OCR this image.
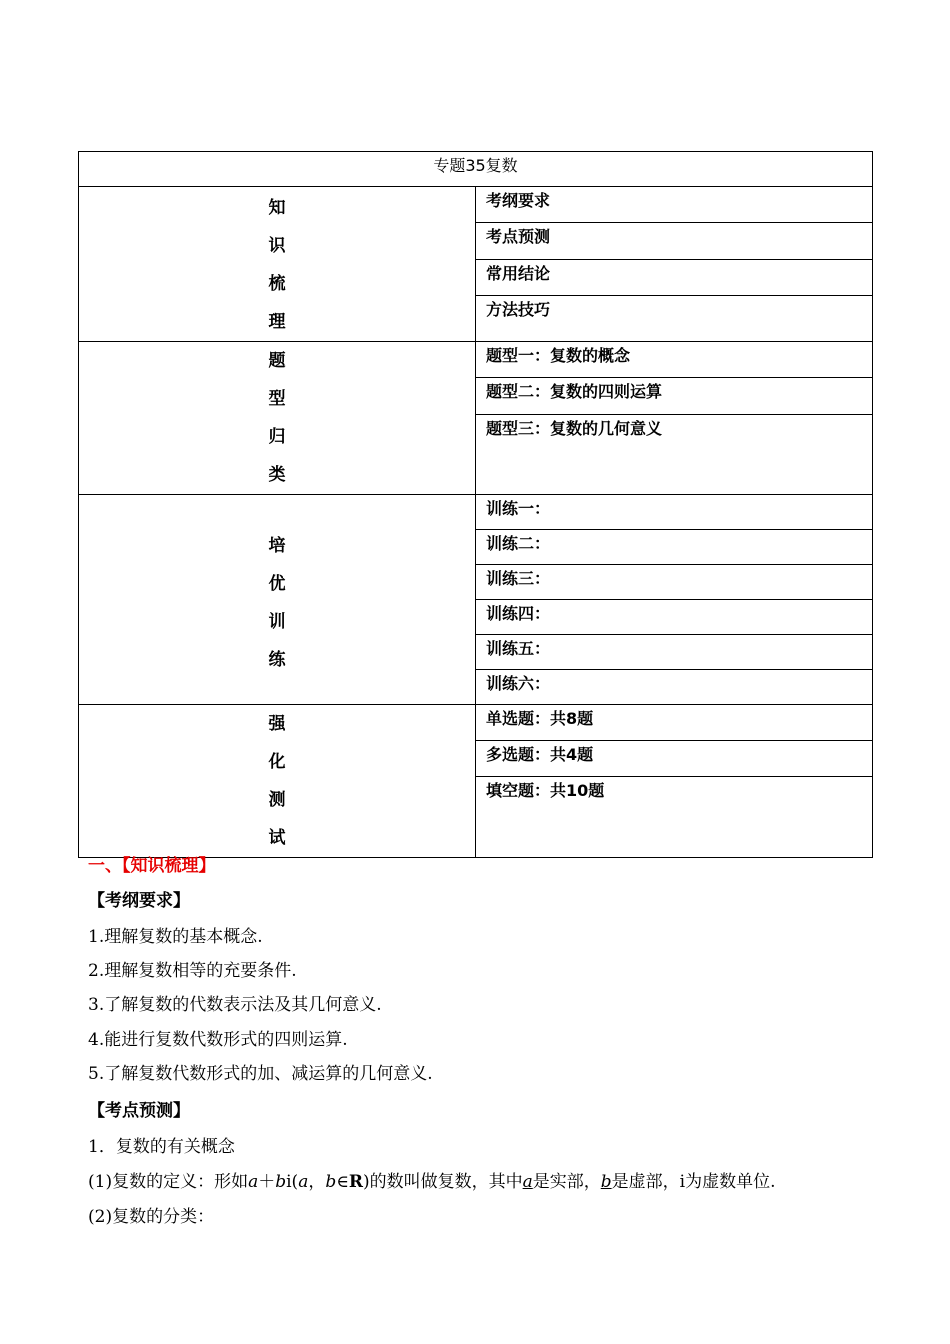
专题35复数	

知
识
梳
理	考纲要求
	考点预测
	常用结论
	方法技巧

题
型
归
类	题型一：复数的概念
	题型二：复数的四则运算
	题型三：复数的几何意义

培
优
训
练	训练一：
	训练二：
	训练三：
	训练四：
	训练五：
	训练六：

强
化
测
试	单选题：共8题
	多选题：共4题
	填空题：共10题
一、【知识梳理】
【考纲要求】
1.理解复数的基本概念.
2.理解复数相等的充要条件.
3.了解复数的代数表示法及其几何意义.
4.能进行复数代数形式的四则运算.
5.了解复数代数形式的加、减运算的几何意义.
【考点预测】
1．复数的有关概念
(1)复数的定义：形如a＋bi(a，b∈R)的数叫做复数，其中a是实部，b是虚部，i为虚数单位.
(2)复数的分类：
